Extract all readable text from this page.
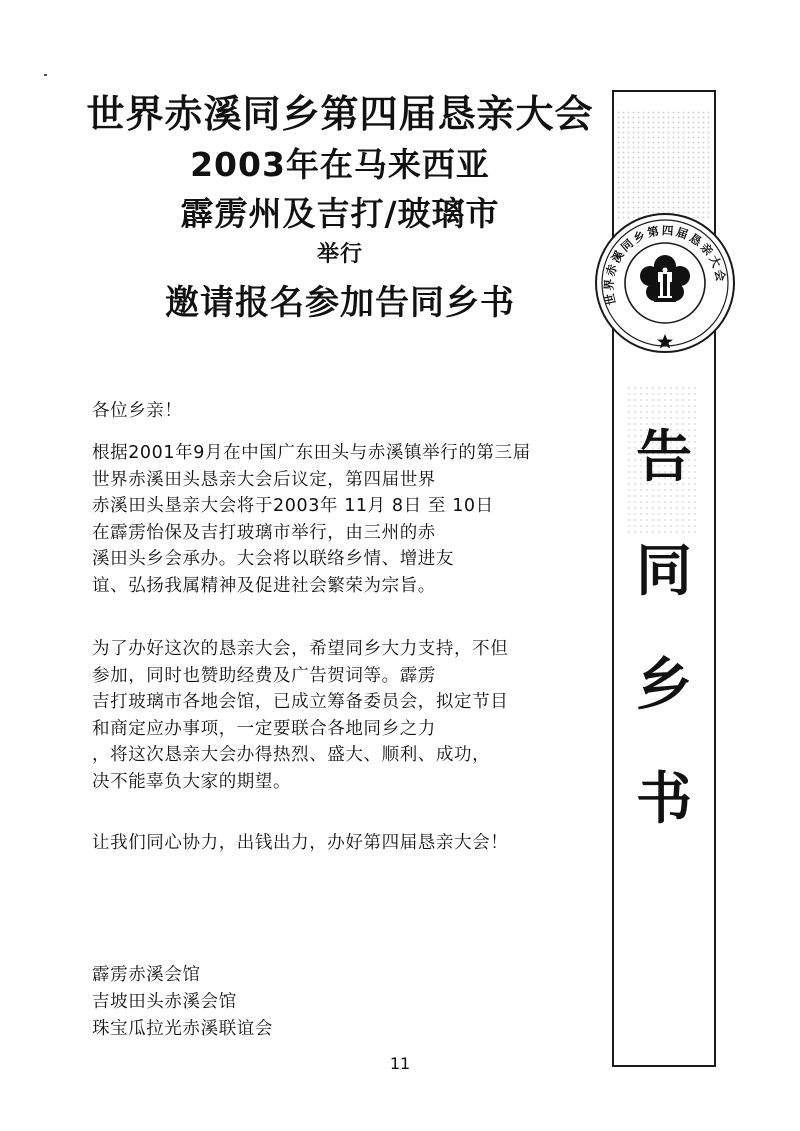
世界赤溪同乡第四届恳亲大会
2003年在马来西亚
霹雳州及吉打/玻璃市
举行
邀请报名参加告同乡书
各位乡亲！
根据2001年9月在中国广东田头与赤溪镇举行的第三届
世界赤溪田头恳亲大会后议定，第四届世界
赤溪田头垦亲大会将于2003年 11月 8日 至 10日
在霹雳怡保及吉打玻璃市举行，由三州的赤
溪田头乡会承办。大会将以联络乡情、增进友
谊、弘扬我属精神及促进社会繁荣为宗旨。
为了办好这次的恳亲大会，希望同乡大力支持，不但
参加，同时也赞助经费及广告贺词等。霹雳
吉打玻璃市各地会馆，已成立筹备委员会，拟定节目
和商定应办事项，一定要联合各地同乡之力
，将这次恳亲大会办得热烈、盛大、顺利、成功，
决不能辜负大家的期望。
让我们同心协力，出钱出力，办好第四届恳亲大会！
霹雳赤溪会馆
吉坡田头赤溪会馆
珠宝瓜拉光赤溪联谊会
11
世界赤溪同乡第四届恳亲大会
告
同
乡
书
